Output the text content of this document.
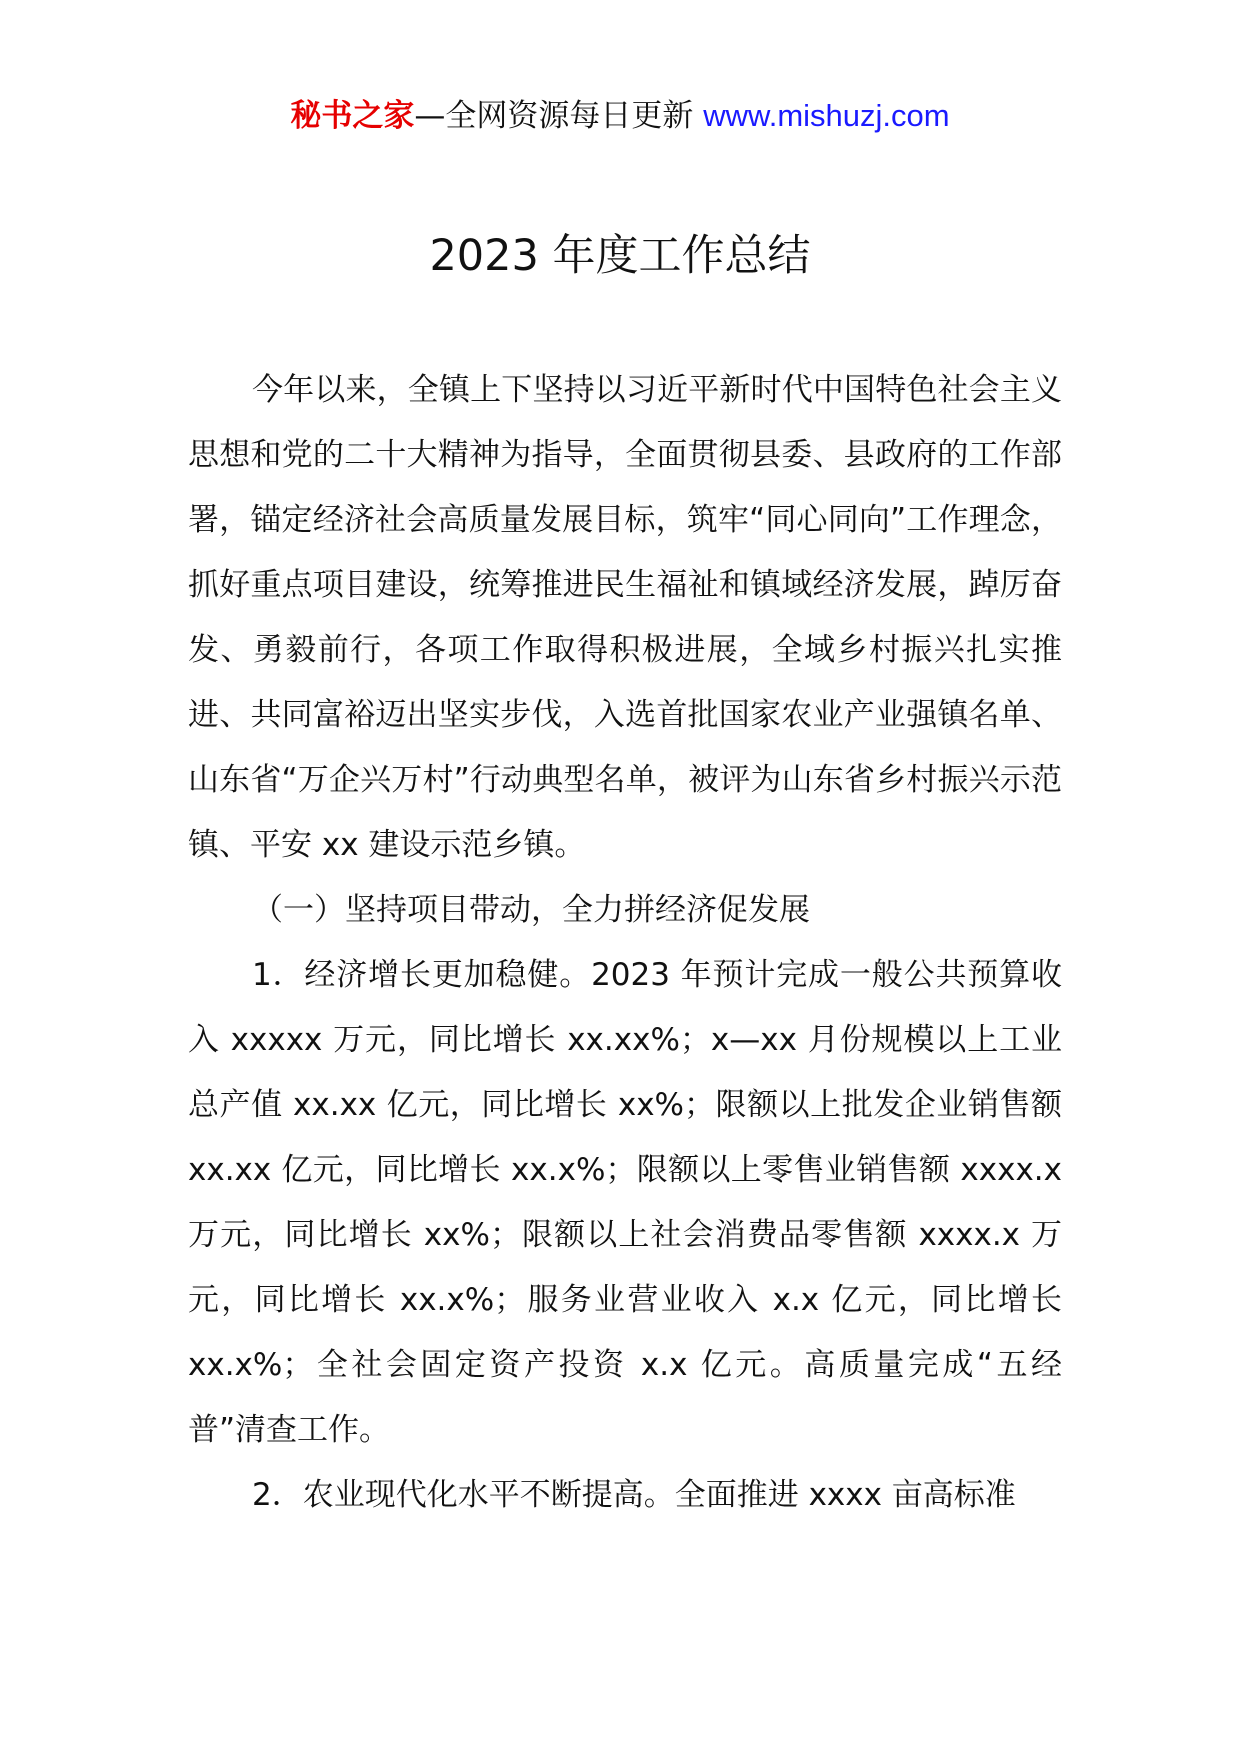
秘书之家—全网资源每日更新 www.mishuzj.com
2023 年度工作总结

今年以来，全镇上下坚持以习近平新时代中国特色社会主义思想和党的二十大精神为指导，全面贯彻县委、县政府的工作部署，锚定经济社会高质量发展目标，筑牢“同心同向”工作理念，抓好重点项目建设，统筹推进民生福祉和镇域经济发展，踔厉奋发、勇毅前行，各项工作取得积极进展，全域乡村振兴扎实推进、共同富裕迈出坚实步伐，入选首批国家农业产业强镇名单、山东省“万企兴万村”行动典型名单，被评为山东省乡村振兴示范镇、平安 xx 建设示范乡镇。

（一）坚持项目带动，全力拼经济促发展

1．经济增长更加稳健。2023 年预计完成一般公共预算收入 xxxxx 万元，同比增长 xx.xx%；x—xx 月份规模以上工业总产值 xx.xx 亿元，同比增长 xx%；限额以上批发企业销售额 xx.xx 亿元，同比增长 xx.x%；限额以上零售业销售额 xxxx.x 万元，同比增长 xx%；限额以上社会消费品零售额 xxxx.x 万元，同比增长 xx.x%；服务业营业收入 x.x 亿元，同比增长 xx.x%；全社会固定资产投资 x.x 亿元。高质量完成“五经普”清查工作。

2．农业现代化水平不断提高。全面推进 xxxx 亩高标准
